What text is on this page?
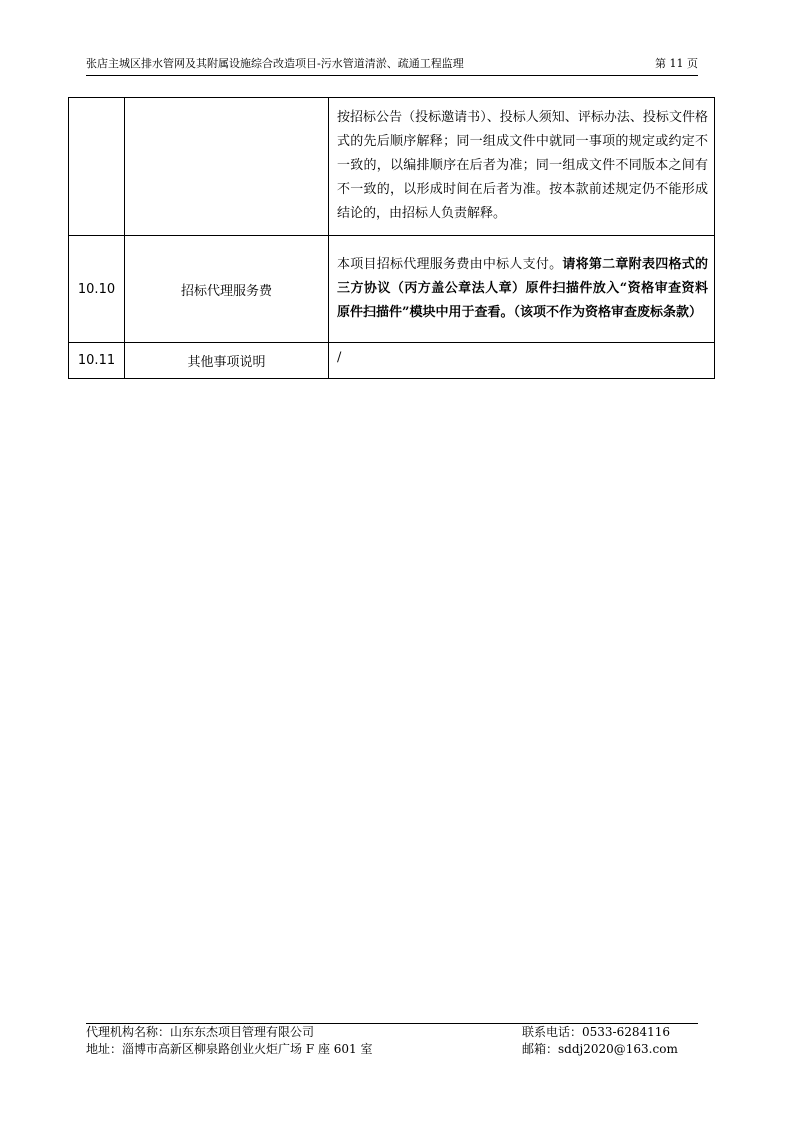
张店主城区排水管网及其附属设施综合改造项目-污水管道清淤、疏通工程监理	第 11 页
		按招标公告（投标邀请书）、投标人须知、评标办法、投标文件格式的先后顺序解释；同一组成文件中就同一事项的规定或约定不一致的，以编排顺序在后者为准；同一组成文件不同版本之间有不一致的，以形成时间在后者为准。按本款前述规定仍不能形成结论的，由招标人负责解释。
10.10	招标代理服务费	本项目招标代理服务费由中标人支付。请将第二章附表四格式的三方协议（丙方盖公章法人章）原件扫描件放入“资格审查资料原件扫描件”模块中用于查看。（该项不作为资格审查废标条款）
10.11	其他事项说明	/
代理机构名称：山东东杰项目管理有限公司	联系电话：0533-6284116
地址：淄博市高新区柳泉路创业火炬广场 F 座 601 室	邮箱：sddj2020@163.com
